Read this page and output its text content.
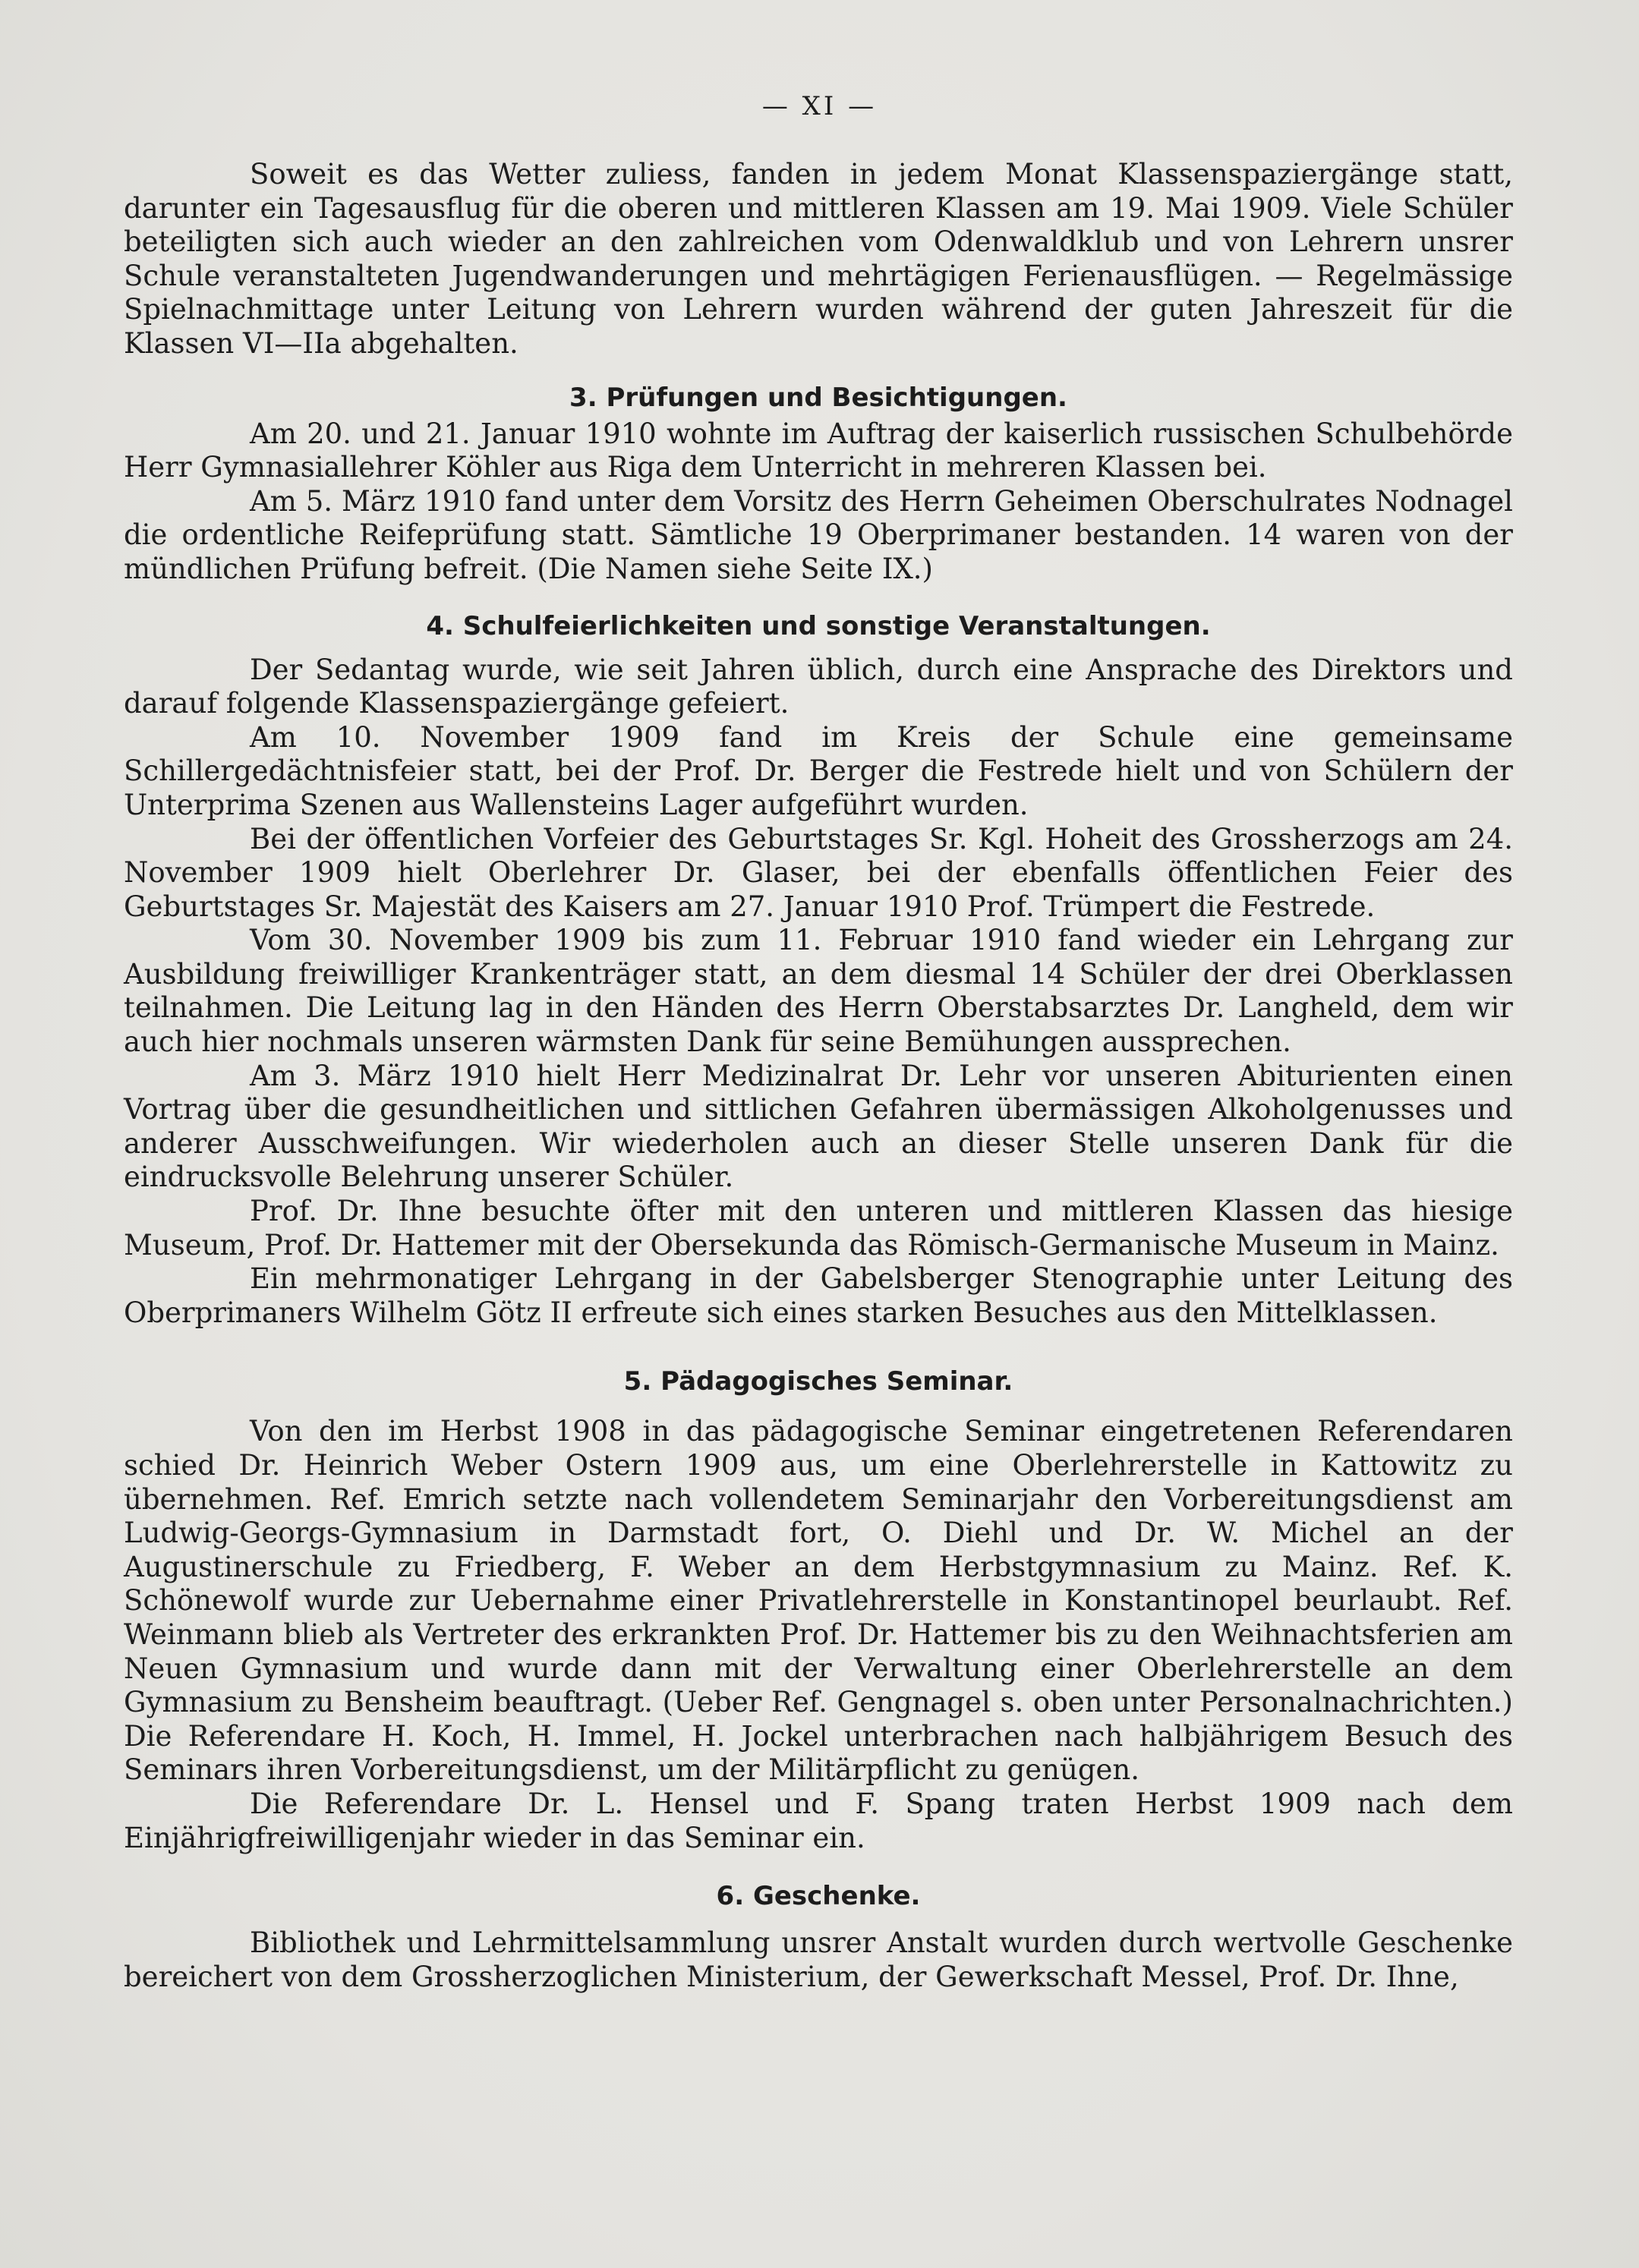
— XI —

Soweit es das Wetter zuliess, fanden in jedem Monat Klassenspaziergänge statt, darunter ein Tagesausflug für die oberen und mittleren Klassen am 19. Mai 1909. Viele Schüler beteiligten sich auch wieder an den zahlreichen vom Odenwaldklub und von Lehrern unsrer Schule veranstalteten Jugendwanderungen und mehrtägigen Ferienausflügen. — Regelmässige Spielnachmittage unter Leitung von Lehrern wurden während der guten Jahreszeit für die Klassen VI—IIa abgehalten.

3. Prüfungen und Besichtigungen.

Am 20. und 21. Januar 1910 wohnte im Auftrag der kaiserlich russischen Schulbehörde Herr Gymnasiallehrer Köhler aus Riga dem Unterricht in mehreren Klassen bei.

Am 5. März 1910 fand unter dem Vorsitz des Herrn Geheimen Oberschulrates Nodnagel die ordentliche Reifeprüfung statt. Sämtliche 19 Oberprimaner bestanden. 14 waren von der mündlichen Prüfung befreit. (Die Namen siehe Seite IX.)

4. Schulfeierlichkeiten und sonstige Veranstaltungen.

Der Sedantag wurde, wie seit Jahren üblich, durch eine Ansprache des Direktors und darauf folgende Klassenspaziergänge gefeiert.

Am 10. November 1909 fand im Kreis der Schule eine gemeinsame Schillergedächtnisfeier statt, bei der Prof. Dr. Berger die Festrede hielt und von Schülern der Unterprima Szenen aus Wallensteins Lager aufgeführt wurden.

Bei der öffentlichen Vorfeier des Geburtstages Sr. Kgl. Hoheit des Grossherzogs am 24. November 1909 hielt Oberlehrer Dr. Glaser, bei der ebenfalls öffentlichen Feier des Geburtstages Sr. Majestät des Kaisers am 27. Januar 1910 Prof. Trümpert die Festrede.

Vom 30. November 1909 bis zum 11. Februar 1910 fand wieder ein Lehrgang zur Ausbildung freiwilliger Krankenträger statt, an dem diesmal 14 Schüler der drei Oberklassen teilnahmen. Die Leitung lag in den Händen des Herrn Oberstabsarztes Dr. Langheld, dem wir auch hier nochmals unseren wärmsten Dank für seine Bemühungen aussprechen.

Am 3. März 1910 hielt Herr Medizinalrat Dr. Lehr vor unseren Abiturienten einen Vortrag über die gesundheitlichen und sittlichen Gefahren übermässigen Alkoholgenusses und anderer Ausschweifungen. Wir wiederholen auch an dieser Stelle unseren Dank für die eindrucksvolle Belehrung unserer Schüler.

Prof. Dr. Ihne besuchte öfter mit den unteren und mittleren Klassen das hiesige Museum, Prof. Dr. Hattemer mit der Obersekunda das Römisch-Germanische Museum in Mainz.

Ein mehrmonatiger Lehrgang in der Gabelsberger Stenographie unter Leitung des Oberprimaners Wilhelm Götz II erfreute sich eines starken Besuches aus den Mittelklassen.

5. Pädagogisches Seminar.

Von den im Herbst 1908 in das pädagogische Seminar eingetretenen Referendaren schied Dr. Heinrich Weber Ostern 1909 aus, um eine Oberlehrerstelle in Kattowitz zu übernehmen. Ref. Emrich setzte nach vollendetem Seminarjahr den Vorbereitungsdienst am Ludwig-Georgs-Gymnasium in Darmstadt fort, O. Diehl und Dr. W. Michel an der Augustinerschule zu Friedberg, F. Weber an dem Herbstgymnasium zu Mainz. Ref. K. Schönewolf wurde zur Uebernahme einer Privatlehrerstelle in Konstantinopel beurlaubt. Ref. Weinmann blieb als Vertreter des erkrankten Prof. Dr. Hattemer bis zu den Weihnachtsferien am Neuen Gymnasium und wurde dann mit der Verwaltung einer Oberlehrerstelle an dem Gymnasium zu Bensheim beauftragt. (Ueber Ref. Gengnagel s. oben unter Personalnachrichten.) Die Referendare H. Koch, H. Immel, H. Jockel unterbrachen nach halbjährigem Besuch des Seminars ihren Vorbereitungsdienst, um der Militärpflicht zu genügen.

Die Referendare Dr. L. Hensel und F. Spang traten Herbst 1909 nach dem Einjährigfreiwilligenjahr wieder in das Seminar ein.

6. Geschenke.

Bibliothek und Lehrmittelsammlung unsrer Anstalt wurden durch wertvolle Geschenke bereichert von dem Grossherzoglichen Ministerium, der Gewerkschaft Messel, Prof. Dr. Ihne,
